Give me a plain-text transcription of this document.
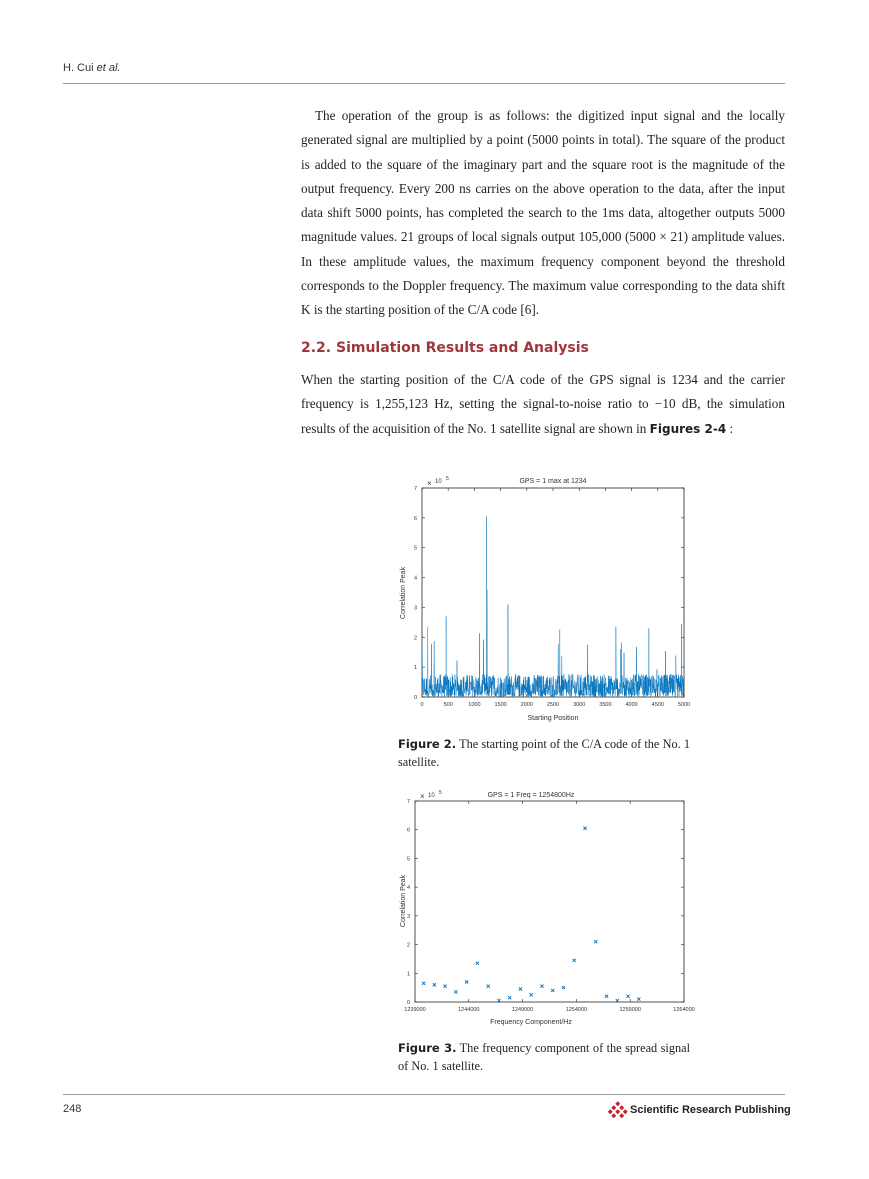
H. Cui et al.

The operation of the group is as follows: the digitized input signal and the locally generated signal are multiplied by a point (5000 points in total). The square of the product is added to the square of the imaginary part and the square root is the magnitude of the output frequency. Every 200 ns carries on the above operation to the data, after the input data shift 5000 points, has completed the search to the 1ms data, altogether outputs 5000 magnitude values. 21 groups of local signals output 105,000 (5000 × 21) amplitude values. In these amplitude values, the maximum frequency component beyond the threshold corresponds to the Doppler frequency. The maximum value corresponding to the data shift K is the starting position of the C/A code [6].

2.2. Simulation Results and Analysis

When the starting position of the C/A code of the GPS signal is 1234 and the carrier frequency is 1,255,123 Hz, setting the signal-to-noise ratio to −10 dB, the simulation results of the acquisition of the No. 1 satellite signal are shown in Figures 2-4 :

0	500	1000	1500	2000	2500	3000	3500	4000	4500	5000
0
1
2
3
4
5
6
7
GPS = 1 max at 1234
Starting Position
Correlation Peak
× 10 5
Figure 2. The starting point of the C/A code of the No. 1 satellite.
1239000	1244000	1249000	1254000	1259000	1264000
0
1
2
3
4
5
6
7
GPS = 1 Freq = 1254800Hz
Frequency Component/Hz
Correlation Peak
× 10 5
Figure 3. The frequency component of the spread signal of No. 1 satellite.
248	Scientific Research Publishing
